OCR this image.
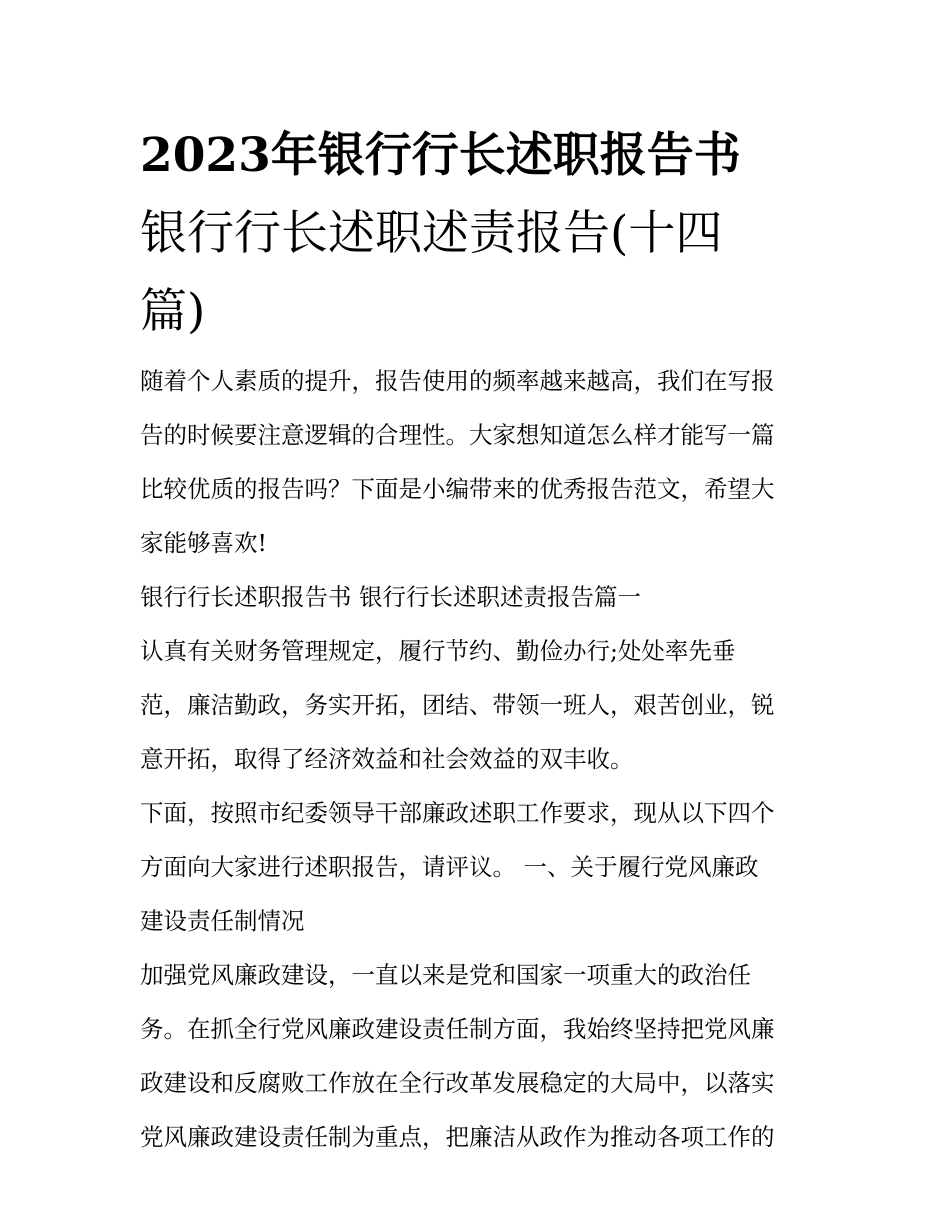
2023年银行行长述职报告书
银行行长述职述责报告(十四
篇)
随着个人素质的提升，报告使用的频率越来越高，我们在写报
告的时候要注意逻辑的合理性。大家想知道怎么样才能写一篇
比较优质的报告吗？下面是小编带来的优秀报告范文，希望大
家能够喜欢!
银行行长述职报告书 银行行长述职述责报告篇一
认真有关财务管理规定，履行节约、勤俭办行;处处率先垂
范，廉洁勤政，务实开拓，团结、带领一班人，艰苦创业，锐
意开拓，取得了经济效益和社会效益的双丰收。
下面，按照市纪委领导干部廉政述职工作要求，现从以下四个
方面向大家进行述职报告，请评议。 一、关于履行党风廉政
建设责任制情况
加强党风廉政建设，一直以来是党和国家一项重大的政治任
务。在抓全行党风廉政建设责任制方面，我始终坚持把党风廉
政建设和反腐败工作放在全行改革发展稳定的大局中，以落实
党风廉政建设责任制为重点，把廉洁从政作为推动各项工作的
